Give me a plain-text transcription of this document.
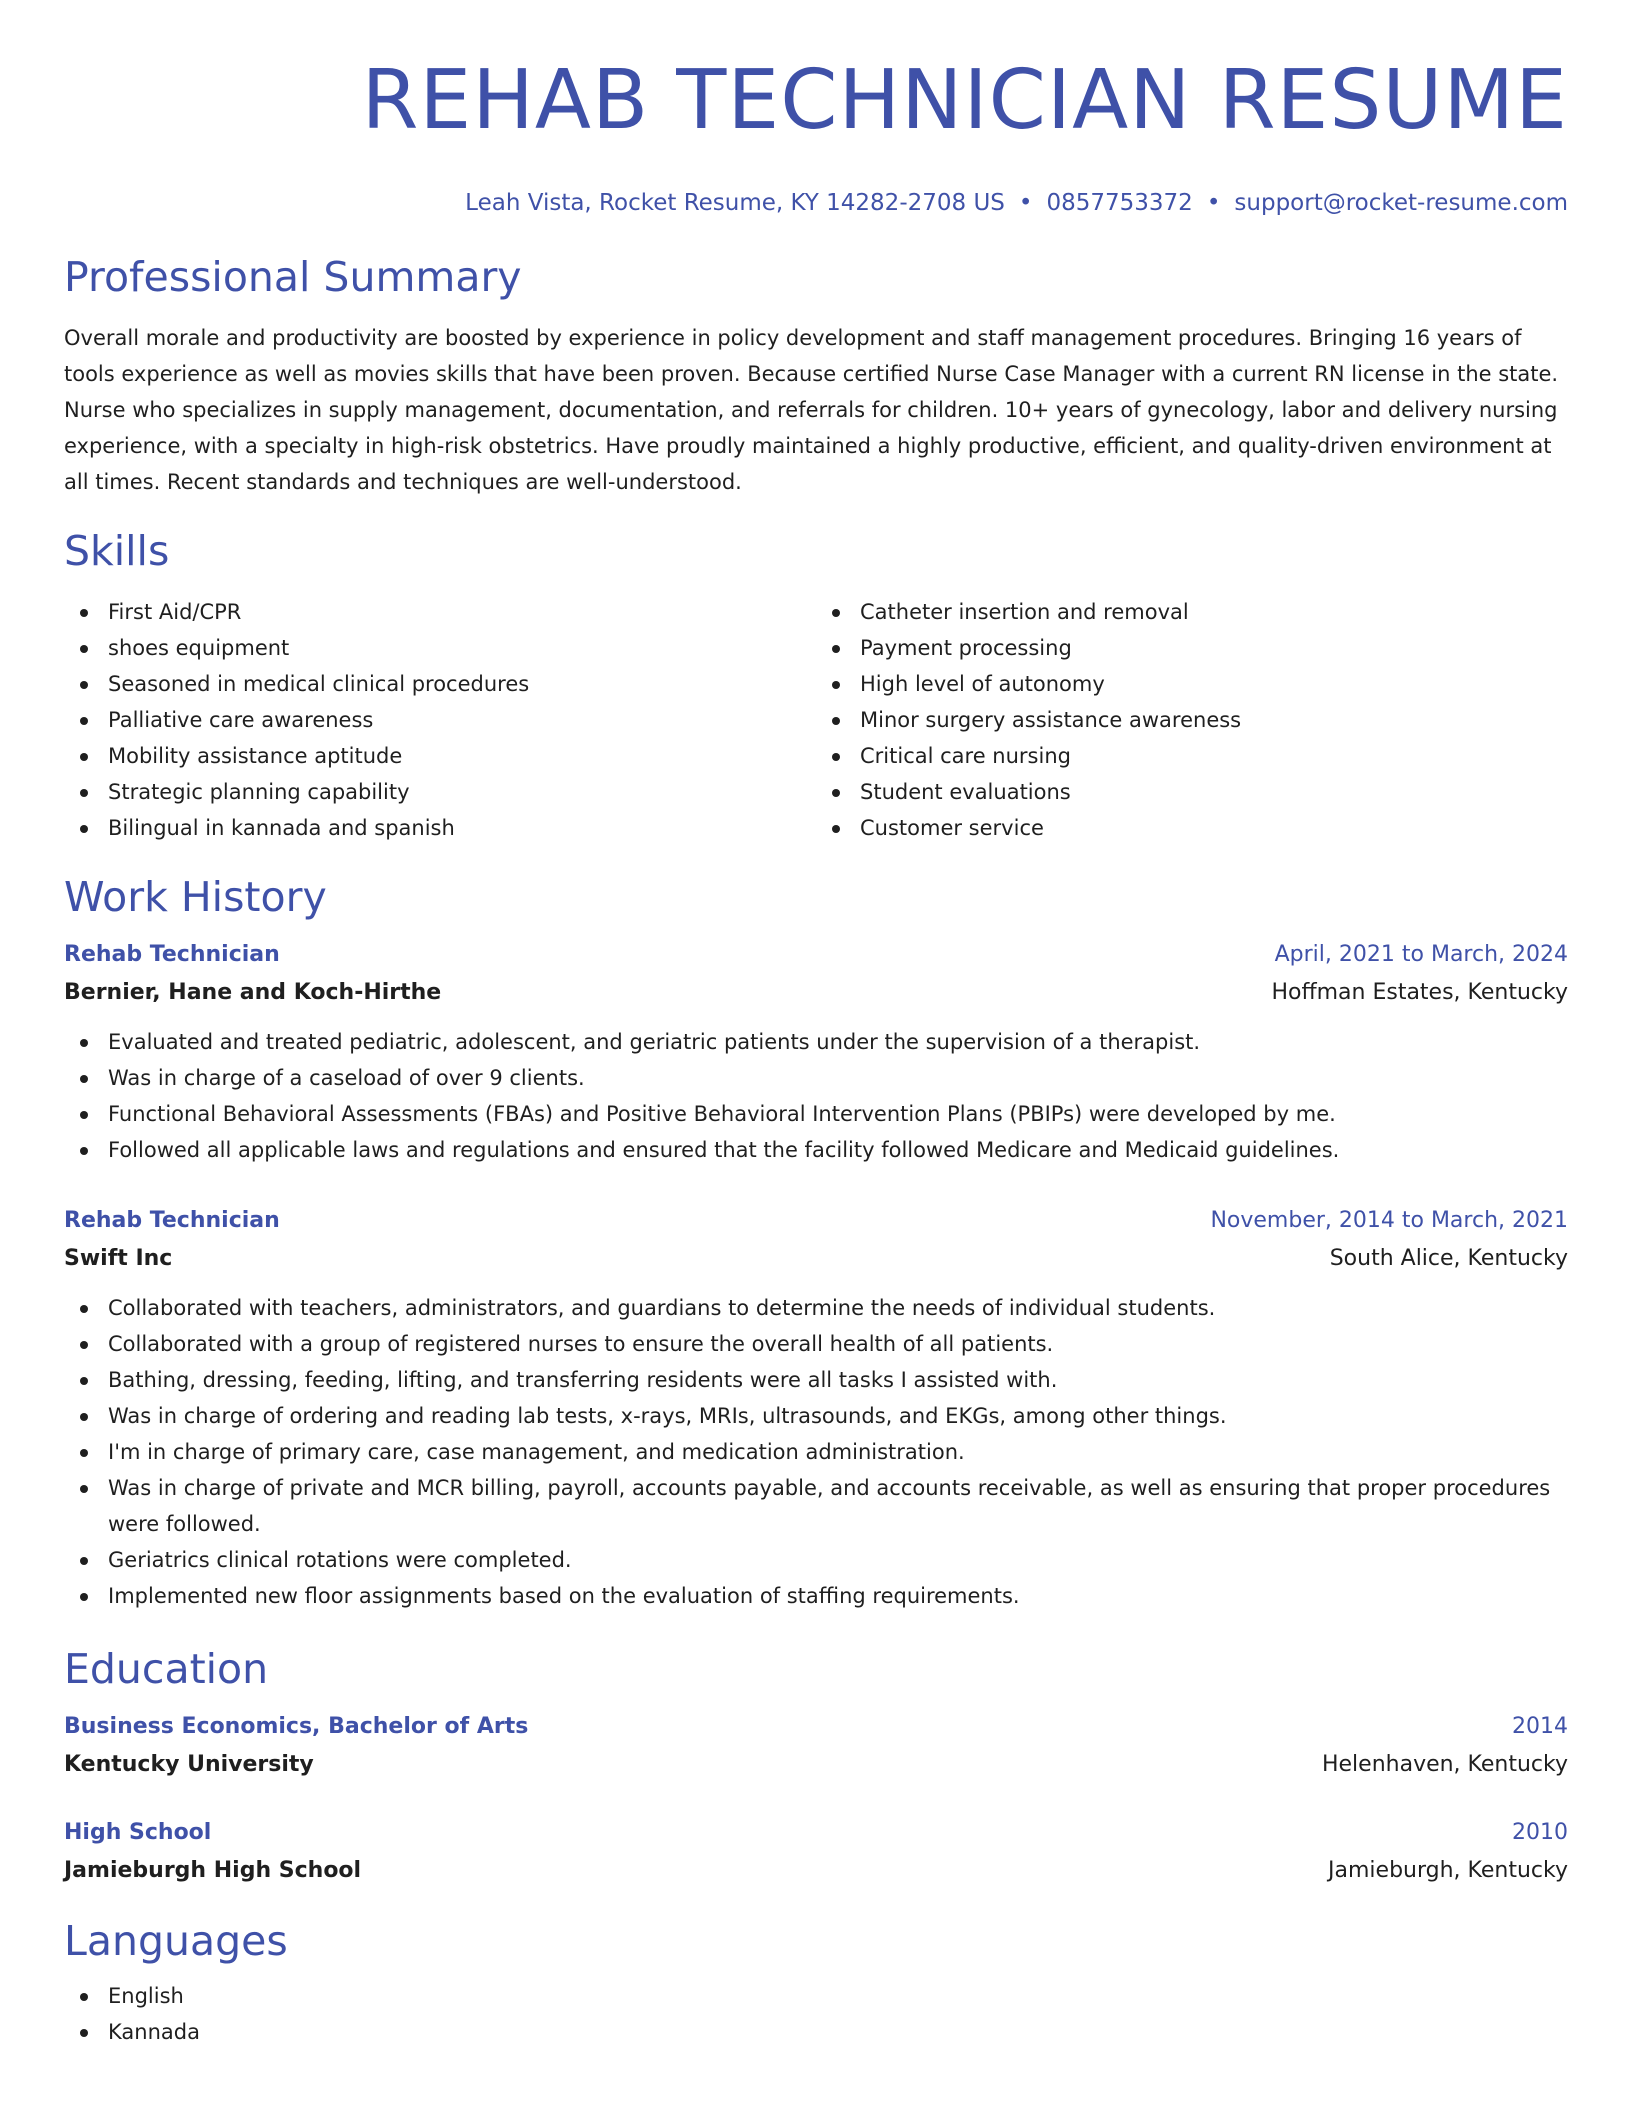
REHAB TECHNICIAN RESUME
Leah Vista, Rocket Resume, KY 14282-2708 US • 0857753372 • support@rocket-resume.com
Professional Summary

Overall morale and productivity are boosted by experience in policy development and staff management procedures. Bringing 16 years of tools experience as well as movies skills that have been proven. Because certified Nurse Case Manager with a current RN license in the state. Nurse who specializes in supply management, documentation, and referrals for children. 10+ years of gynecology, labor and delivery nursing experience, with a specialty in high-risk obstetrics. Have proudly maintained a highly productive, efficient, and quality-driven environment at all times. Recent standards and techniques are well-understood.

Skills
First Aid/CPR
shoes equipment
Seasoned in medical clinical procedures
Palliative care awareness
Mobility assistance aptitude
Strategic planning capability
Bilingual in kannada and spanish
Catheter insertion and removal
Payment processing
High level of autonomy
Minor surgery assistance awareness
Critical care nursing
Student evaluations
Customer service
Work History
Rehab Technician	April, 2021 to March, 2024
Bernier, Hane and Koch-Hirthe	Hoffman Estates, Kentucky
Evaluated and treated pediatric, adolescent, and geriatric patients under the supervision of a therapist.
Was in charge of a caseload of over 9 clients.
Functional Behavioral Assessments (FBAs) and Positive Behavioral Intervention Plans (PBIPs) were developed by me.
Followed all applicable laws and regulations and ensured that the facility followed Medicare and Medicaid guidelines.
Rehab Technician	November, 2014 to March, 2021
Swift Inc	South Alice, Kentucky
Collaborated with teachers, administrators, and guardians to determine the needs of individual students.
Collaborated with a group of registered nurses to ensure the overall health of all patients.
Bathing, dressing, feeding, lifting, and transferring residents were all tasks I assisted with.
Was in charge of ordering and reading lab tests, x-rays, MRIs, ultrasounds, and EKGs, among other things.
I'm in charge of primary care, case management, and medication administration.
Was in charge of private and MCR billing, payroll, accounts payable, and accounts receivable, as well as ensuring that proper procedures were followed.
Geriatrics clinical rotations were completed.
Implemented new floor assignments based on the evaluation of staffing requirements.
Education
Business Economics, Bachelor of Arts	2014
Kentucky University	Helenhaven, Kentucky
High School	2010
Jamieburgh High School	Jamieburgh, Kentucky
Languages
English
Kannada
